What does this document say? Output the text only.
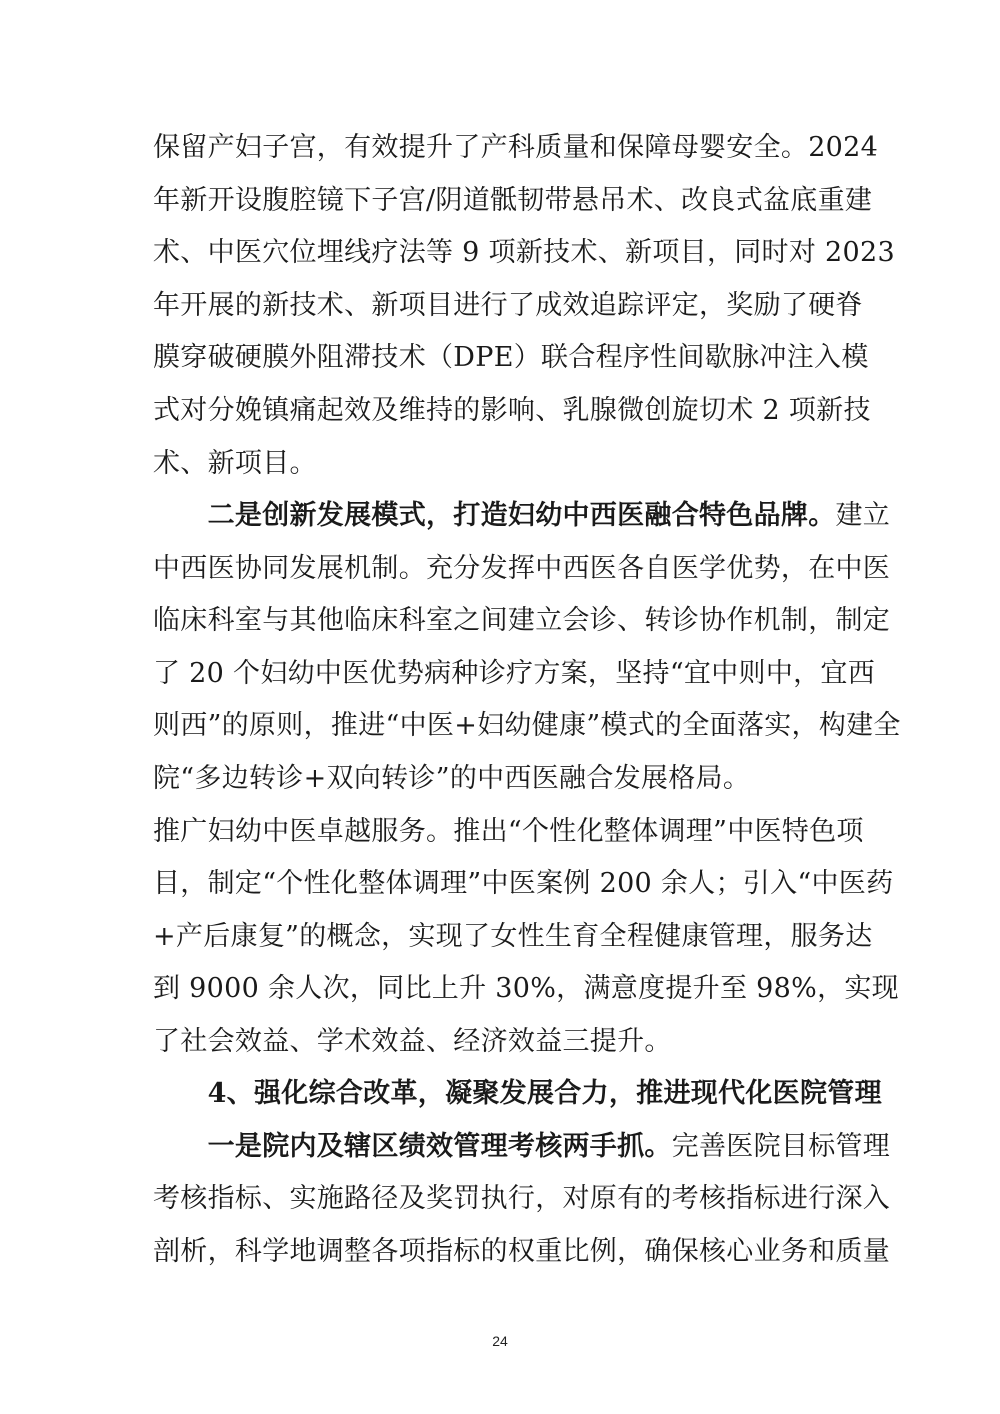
保留产妇子宫，有效提升了产科质量和保障母婴安全。2024
年新开设腹腔镜下子宫/阴道骶韧带悬吊术、改良式盆底重建
术、中医穴位埋线疗法等 9 项新技术、新项目，同时对 2023
年开展的新技术、新项目进行了成效追踪评定，奖励了硬脊
膜穿破硬膜外阻滞技术（DPE）联合程序性间歇脉冲注入模
式对分娩镇痛起效及维持的影响、乳腺微创旋切术 2 项新技
术、新项目。
　　二是创新发展模式，打造妇幼中西医融合特色品牌。建立
中西医协同发展机制。充分发挥中西医各自医学优势，在中医
临床科室与其他临床科室之间建立会诊、转诊协作机制，制定
了 20 个妇幼中医优势病种诊疗方案，坚持“宜中则中，宜西
则西”的原则，推进“中医+妇幼健康”模式的全面落实，构建全
院“多边转诊+双向转诊”的中西医融合发展格局。
推广妇幼中医卓越服务。推出“个性化整体调理”中医特色项
目，制定“个性化整体调理”中医案例 200 余人；引入“中医药
+产后康复”的概念，实现了女性生育全程健康管理，服务达
到 9000 余人次，同比上升 30%，满意度提升至 98%，实现
了社会效益、学术效益、经济效益三提升。
　　4、强化综合改革，凝聚发展合力，推进现代化医院管理
　　一是院内及辖区绩效管理考核两手抓。完善医院目标管理
考核指标、实施路径及奖罚执行，对原有的考核指标进行深入
剖析，科学地调整各项指标的权重比例，确保核心业务和质量
24
